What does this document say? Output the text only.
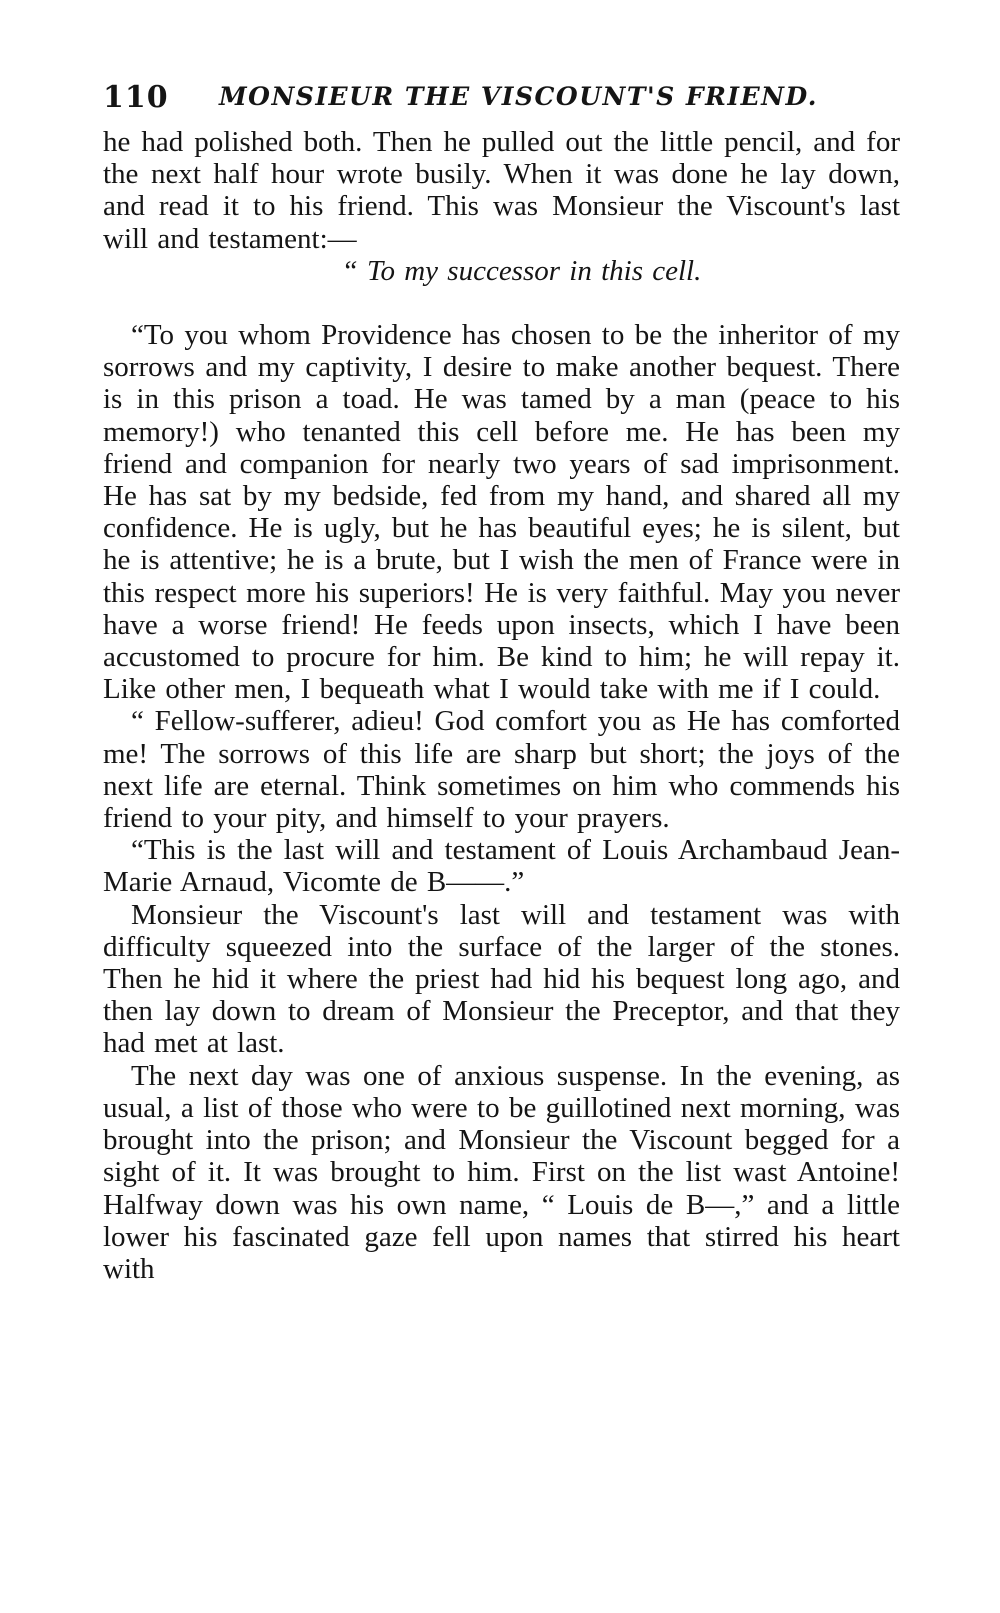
110 MONSIEUR THE VISCOUNT'S FRIEND.

he had polished both. Then he pulled out the little pencil, and for the next half hour wrote busily. When it was done he lay down, and read it to his friend. This was Monsieur the Viscount's last will and testament:—

“ To my successor in this cell.

“To you whom Providence has chosen to be the inheritor of my sorrows and my captivity, I desire to make another bequest. There is in this prison a toad. He was tamed by a man (peace to his memory!) who tenanted this cell before me. He has been my friend and companion for nearly two years of sad imprisonment. He has sat by my bedside, fed from my hand, and shared all my confidence. He is ugly, but he has beautiful eyes; he is silent, but he is attentive; he is a brute, but I wish the men of France were in this respect more his superiors! He is very faithful. May you never have a worse friend! He feeds upon insects, which I have been accustomed to procure for him. Be kind to him; he will repay it. Like other men, I bequeath what I would take with me if I could.

“ Fellow-sufferer, adieu! God comfort you as He has comforted me! The sorrows of this life are sharp but short; the joys of the next life are eternal. Think sometimes on him who commends his friend to your pity, and himself to your prayers.

“This is the last will and testament of Louis Archambaud Jean-Marie Arnaud, Vicomte de B——.”

Monsieur the Viscount's last will and testament was with difficulty squeezed into the surface of the larger of the stones. Then he hid it where the priest had hid his bequest long ago, and then lay down to dream of Monsieur the Preceptor, and that they had met at last.

The next day was one of anxious suspense. In the evening, as usual, a list of those who were to be guillotined next morning, was brought into the prison; and Monsieur the Viscount begged for a sight of it. It was brought to him. First on the list wast Antoine! Halfway down was his own name, “ Louis de B—,” and a little lower his fascinated gaze fell upon names that stirred his heart with
